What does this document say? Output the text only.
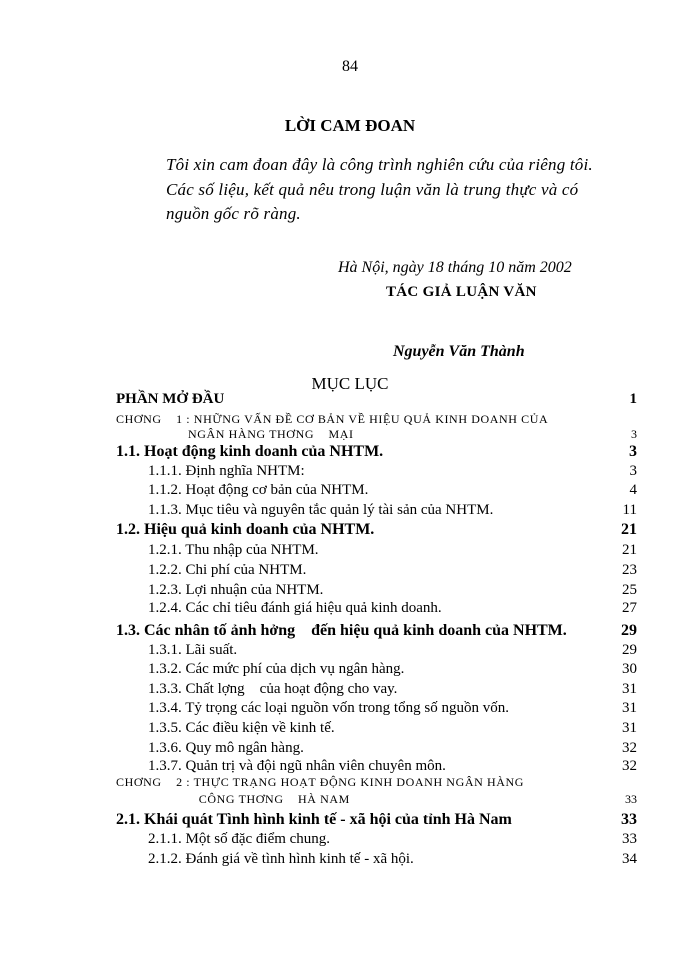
84
LỜI CAM ĐOAN
Tôi xin cam đoan đây là công trình nghiên cứu của riêng tôi.
Các số liệu, kết quả nêu trong luận văn là trung thực và có
nguồn gốc rõ ràng.
Hà Nội, ngày 18 tháng 10 năm 2002
TÁC GIẢ LUẬN VĂN
Nguyễn Văn Thành
MỤC LỤC
PHẦN MỞ ĐẦU	1
CHƠNG    1 : NHỮNG VẤN ĐỀ CƠ BẢN VỀ HIỆU QUẢ KINH DOANH CỦA
NGÂN HÀNG THƠNG    MẠI	3
1.1. Hoạt động kinh doanh của NHTM.	3
1.1.1. Định nghĩa NHTM:	3
1.1.2. Hoạt động cơ bản của NHTM.	4
1.1.3. Mục tiêu và nguyên tắc quản lý tài sản của NHTM.	11
1.2. Hiệu quả kinh doanh của NHTM.	21
1.2.1. Thu nhập của NHTM.	21
1.2.2. Chi phí của NHTM.	23
1.2.3. Lợi nhuận của NHTM.	25
1.2.4. Các chỉ tiêu đánh giá hiệu quả kinh doanh.	27
1.3. Các nhân tố ảnh hởng    đến hiệu quả kinh doanh của NHTM.	29
1.3.1. Lãi suất.	29
1.3.2. Các mức phí của dịch vụ ngân hàng.	30
1.3.3. Chất lợng    của hoạt động cho vay.	31
1.3.4. Tỷ trọng các loại nguồn vốn trong tổng số nguồn vốn.	31
1.3.5. Các điều kiện về kinh tế.	31
1.3.6. Quy mô ngân hàng.	32
1.3.7. Quản trị và đội ngũ nhân viên chuyên môn.	32
CHƠNG    2 : THỰC TRẠNG HOẠT ĐỘNG KINH DOANH NGÂN HÀNG
CÔNG THƠNG    HÀ NAM	33
2.1. Khái quát Tình hình kinh tế - xã hội của tỉnh Hà Nam	33
2.1.1. Một số đặc điểm chung.	33
2.1.2. Đánh giá về tình hình kinh tế - xã hội.	34
